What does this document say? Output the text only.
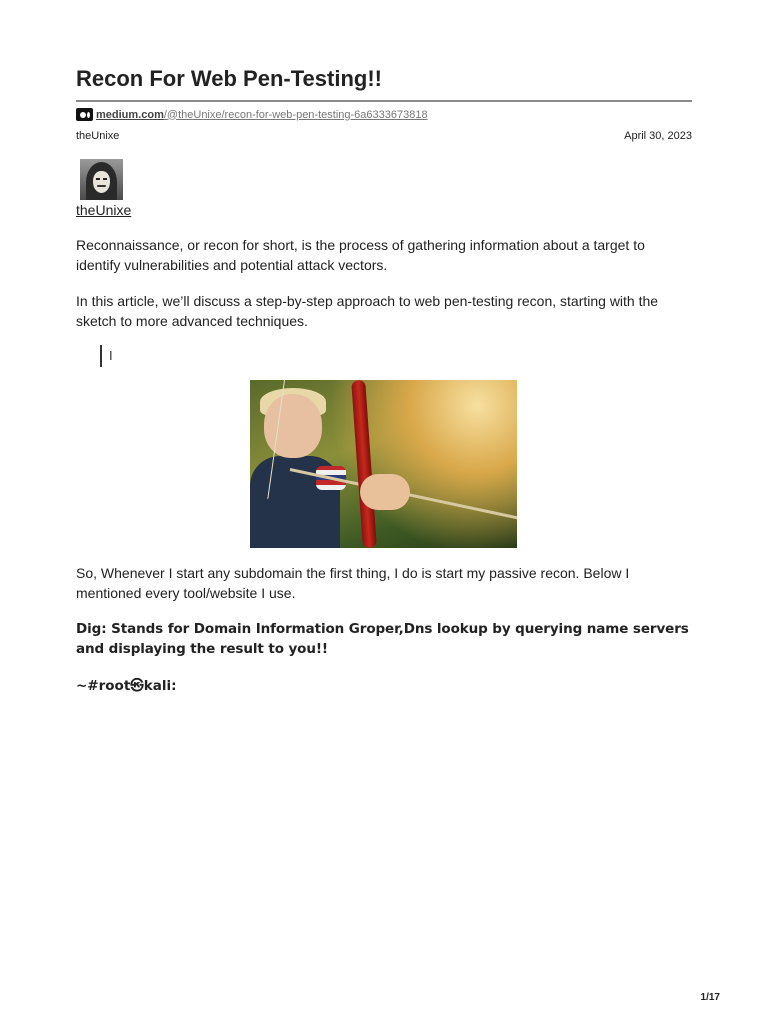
Recon For Web Pen-Testing!!
medium.com /@theUnixe/recon-for-web-pen-testing-6a6333673818
theUnixe	April 30, 2023
theUnixe

Reconnaissance, or recon for short, is the process of gathering information about a target to identify vulnerabilities and potential attack vectors.

In this article, we’ll discuss a step-by-step approach to web pen-testing recon, starting with the sketch to more advanced techniques.

I

So, Whenever I start any subdomain the first thing, I do is start my passive recon. Below I mentioned every tool/website I use.

Dig: Stands for Domain Information Groper,Dns lookup by querying name servers and displaying the result to you!!

~#root㉿kali:

1/17
